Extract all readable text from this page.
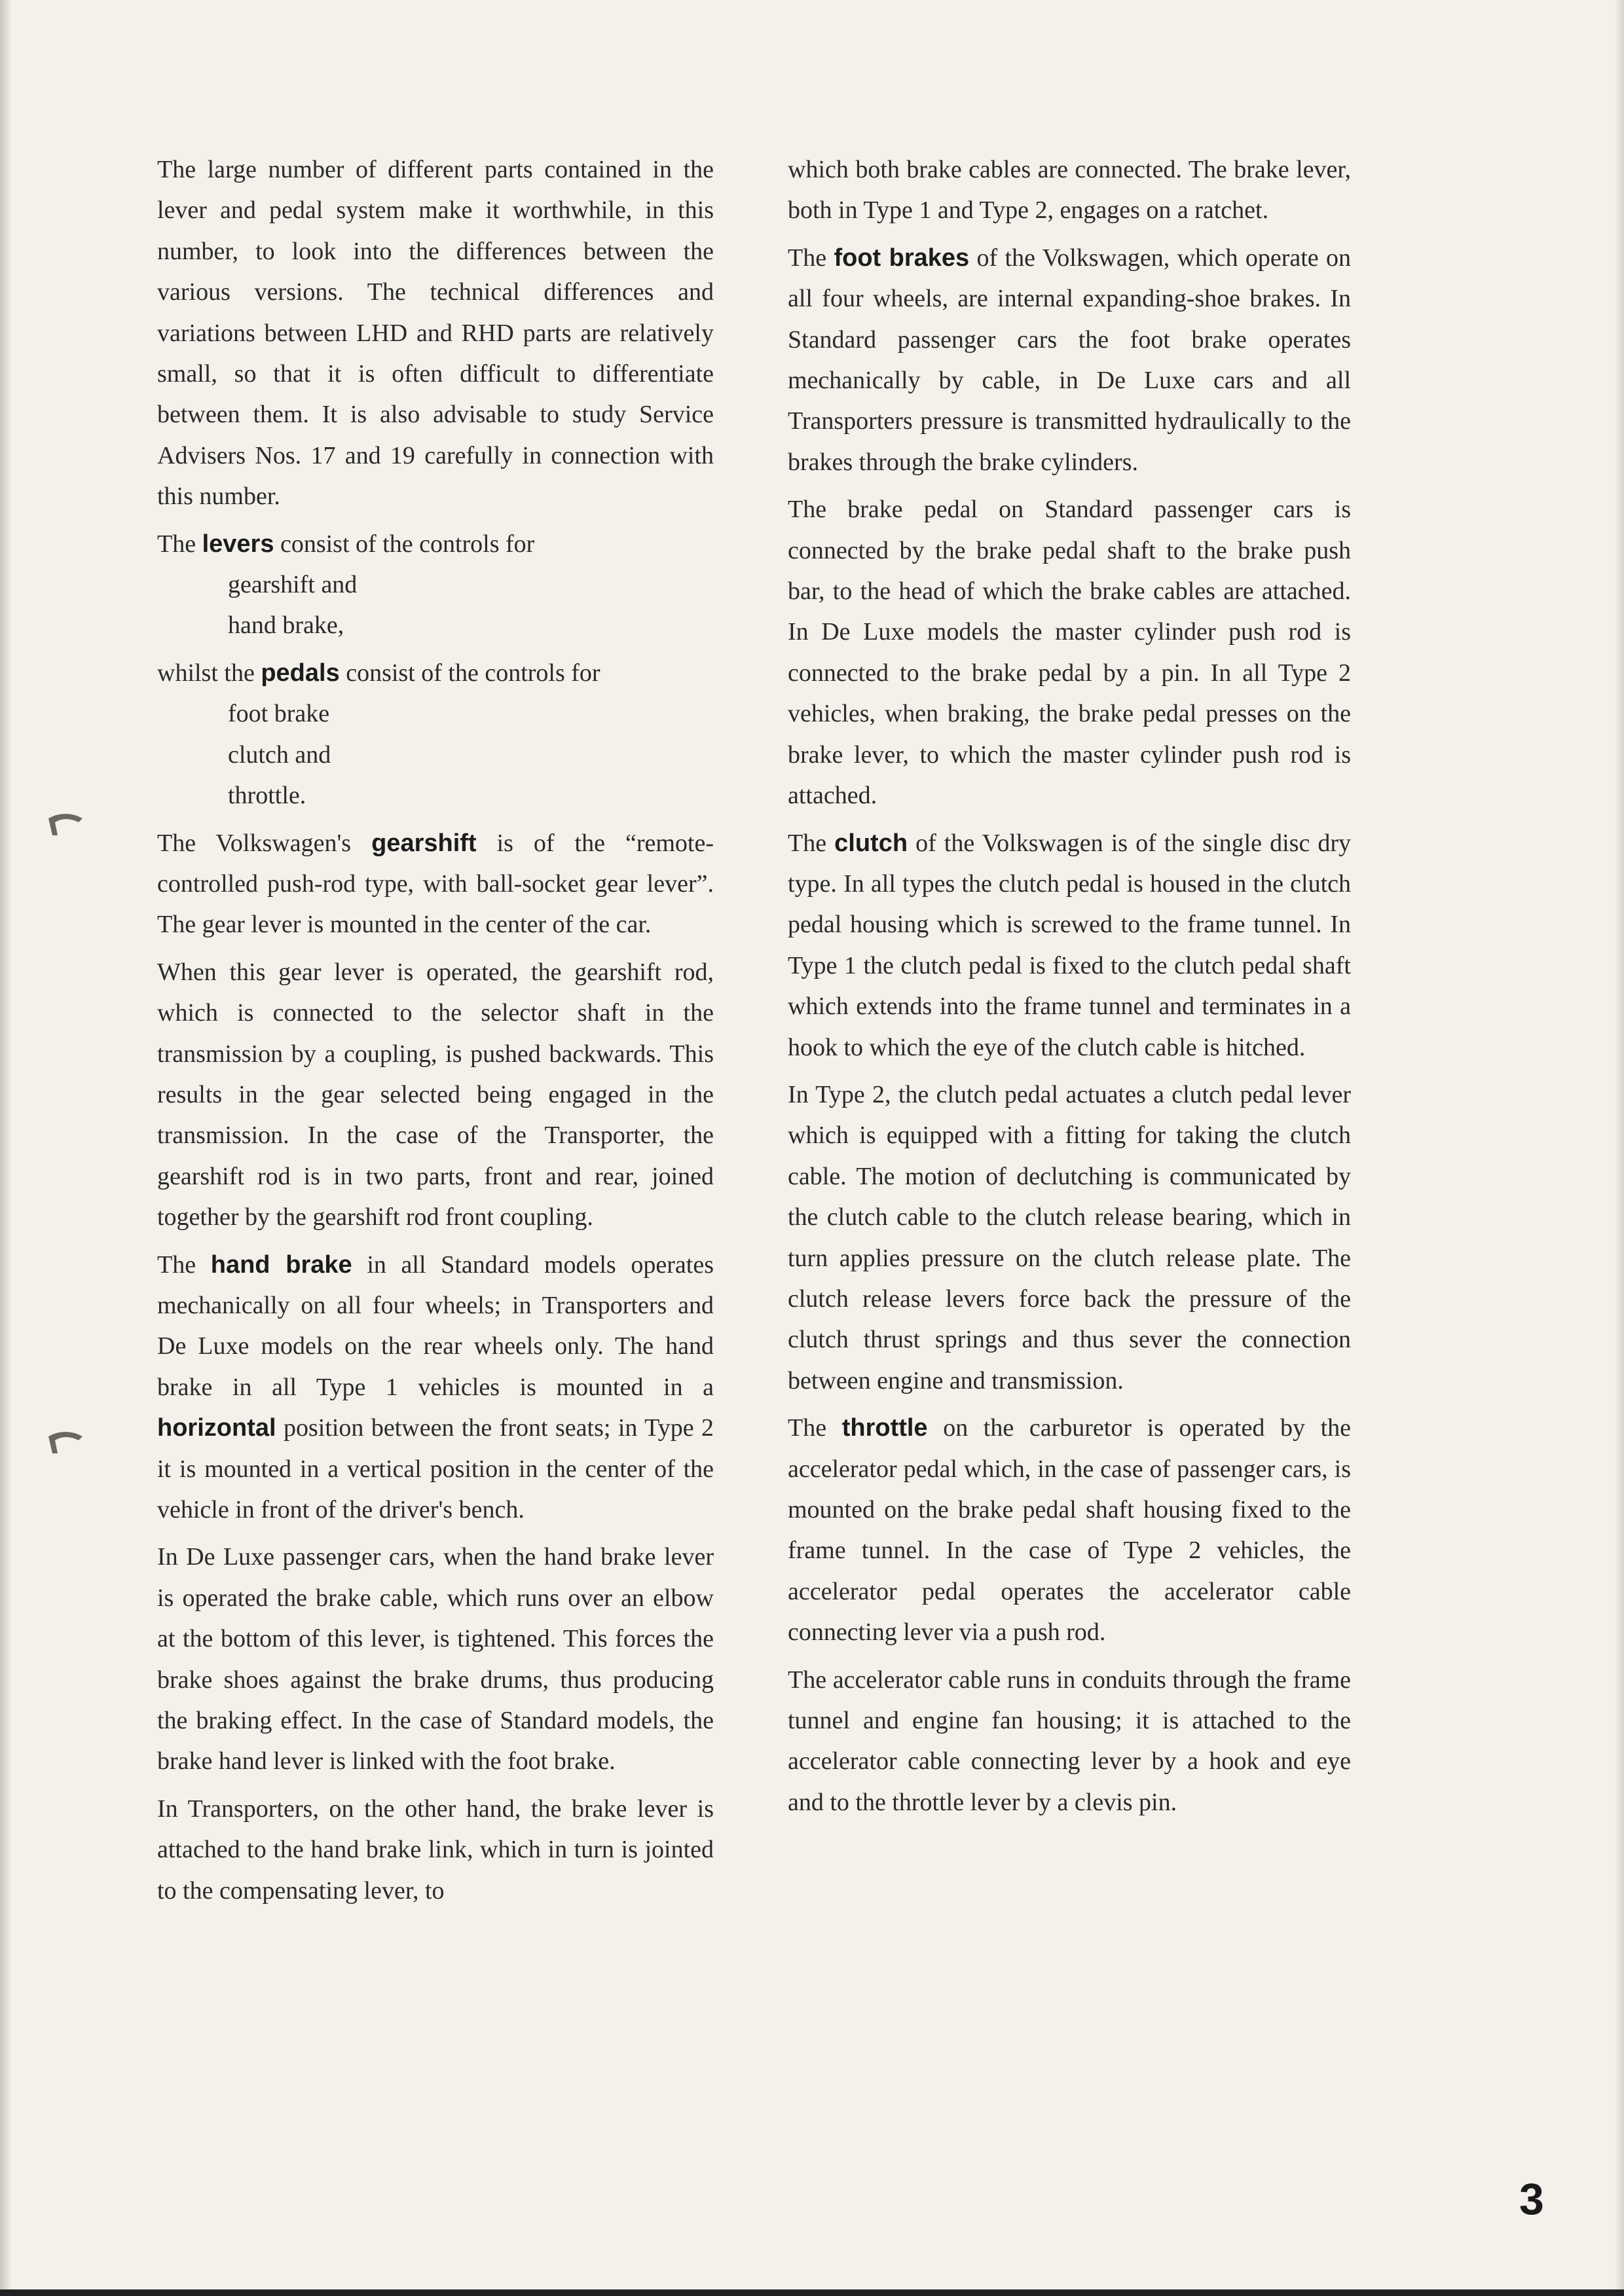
The large number of different parts contained in the lever and pedal system make it worthwhile, in this number, to look into the differences between the various versions. The technical differences and variations between LHD and RHD parts are relatively small, so that it is often difficult to differentiate between them. It is also advisable to study Service Advisers Nos. 17 and 19 carefully in connection with this number.

The levers consist of the controls for

gearshift and
hand brake,

whilst the pedals consist of the controls for

foot brake
clutch and
throttle.

The Volkswagen's gearshift is of the “remote-controlled push-rod type, with ball-socket gear lever”. The gear lever is mounted in the center of the car.

When this gear lever is operated, the gearshift rod, which is connected to the selector shaft in the transmission by a coupling, is pushed backwards. This results in the gear selected being engaged in the transmission. In the case of the Transporter, the gearshift rod is in two parts, front and rear, joined together by the gearshift rod front coupling.

The hand brake in all Standard models operates mechanically on all four wheels; in Transporters and De Luxe models on the rear wheels only. The hand brake in all Type 1 vehicles is mounted in a horizontal position between the front seats; in Type 2 it is mounted in a vertical position in the center of the vehicle in front of the driver's bench.

In De Luxe passenger cars, when the hand brake lever is operated the brake cable, which runs over an elbow at the bottom of this lever, is tightened. This forces the brake shoes against the brake drums, thus producing the braking effect. In the case of Standard models, the brake hand lever is linked with the foot brake.

In Transporters, on the other hand, the brake lever is attached to the hand brake link, which in turn is jointed to the compensating lever, to

which both brake cables are connected. The brake lever, both in Type 1 and Type 2, engages on a ratchet.

The foot brakes of the Volkswagen, which operate on all four wheels, are internal expanding-shoe brakes. In Standard passenger cars the foot brake operates mechanically by cable, in De Luxe cars and all Transporters pressure is transmitted hydraulically to the brakes through the brake cylinders.

The brake pedal on Standard passenger cars is connected by the brake pedal shaft to the brake push bar, to the head of which the brake cables are attached. In De Luxe models the master cylinder push rod is connected to the brake pedal by a pin. In all Type 2 vehicles, when braking, the brake pedal presses on the brake lever, to which the master cylinder push rod is attached.

The clutch of the Volkswagen is of the single disc dry type. In all types the clutch pedal is housed in the clutch pedal housing which is screwed to the frame tunnel. In Type 1 the clutch pedal is fixed to the clutch pedal shaft which extends into the frame tunnel and terminates in a hook to which the eye of the clutch cable is hitched.

In Type 2, the clutch pedal actuates a clutch pedal lever which is equipped with a fitting for taking the clutch cable. The motion of declutching is communicated by the clutch cable to the clutch release bearing, which in turn applies pressure on the clutch release plate. The clutch release levers force back the pressure of the clutch thrust springs and thus sever the connection between engine and transmission.

The throttle on the carburetor is operated by the accelerator pedal which, in the case of passenger cars, is mounted on the brake pedal shaft housing fixed to the frame tunnel. In the case of Type 2 vehicles, the accelerator pedal operates the accelerator cable connecting lever via a push rod.

The accelerator cable runs in conduits through the frame tunnel and engine fan housing; it is attached to the accelerator cable connecting lever by a hook and eye and to the throttle lever by a clevis pin.

3
